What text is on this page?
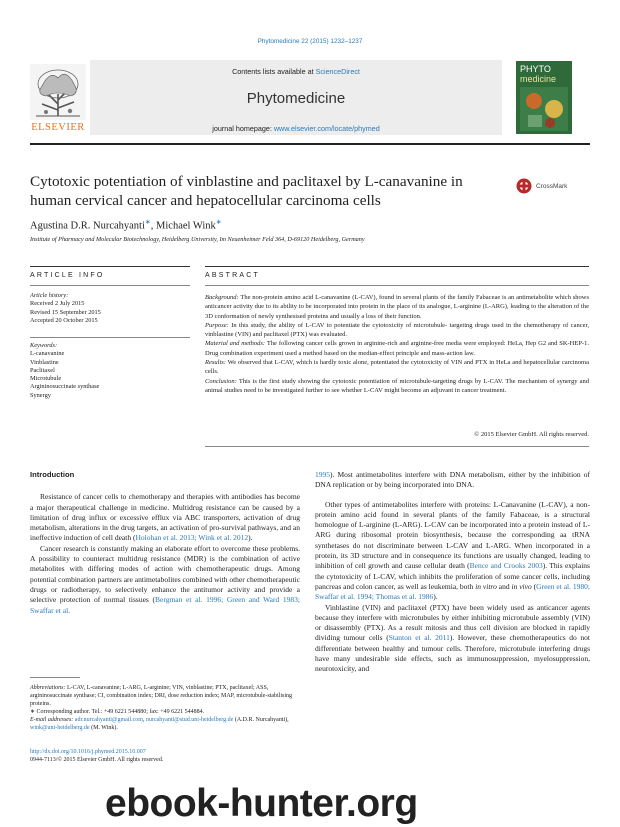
Phytomedicine 22 (2015) 1232–1237
ELSEVIER
Contents lists available at ScienceDirect
Phytomedicine
journal homepage: www.elsevier.com/locate/phymed
PHYTO
medicine
Cytotoxic potentiation of vinblastine and paclitaxel by L-canavanine in human cervical cancer and hepatocellular carcinoma cells
CrossMark
Agustina D.R. Nurcahyanti∗, Michael Wink∗
Institute of Pharmacy and Molecular Biotechnology, Heidelberg University, Im Neuenheimer Feld 364, D-69120 Heidelberg, Germany
ARTICLE INFO
Article history:
Received 2 July 2015
Revised 15 September 2015
Accepted 20 October 2015
Keywords:
L-canavanine
Vinblastine
Paclitaxel
Microtubule
Argininosuccinate synthase
Synergy
ABSTRACT

Background: The non-protein amino acid L-canavanine (L-CAV), found in several plants of the family Fabaceae is an antimetabolite which shows anticancer activity due to its ability to be incorporated into protein in the place of its analogue, L-arginine (L-ARG), leading to the alteration of the 3D conformation of newly synthesised proteins and usually a loss of their function.

Purpose: In this study, the ability of L-CAV to potentiate the cytotoxicity of microtubule- targeting drugs used in the chemotherapy of cancer, vinblastine (VIN) and paclitaxel (PTX) was evaluated.

Material and methods: The following cancer cells grown in arginine-rich and arginine-free media were employed: HeLa, Hep G2 and SK-HEP-1. Drug combination experiment used a method based on the median-effect principle and mass-action law.

Results: We observed that L-CAV, which is hardly toxic alone, potentiated the cytotoxicity of VIN and PTX in HeLa and hepatocellular carcinoma cells.

Conclusion: This is the first study showing the cytotoxic potentiation of microtubule-targeting drugs by L-CAV. The mechanism of synergy and animal studies need to be investigated further to see whether L-CAV might become an adjuvant in cancer treatment.

© 2015 Elsevier GmbH. All rights reserved.
Introduction

Resistance of cancer cells to chemotherapy and therapies with antibodies has become a major therapeutical challenge in medicine. Multidrug resistance can be caused by a limitation of drug influx or excessive efflux via ABC transporters, activation of drug metabolism, alterations in the drug targets, an activation of pro-survival pathways, and an ineffective induction of cell death (Holohan et al. 2013; Wink et al. 2012).

Cancer research is constantly making an elaborate effort to overcome these problems. A possibility to counteract multidrug resistance (MDR) is the combination of active metabolites with differing modes of action with chemotherapeutic drugs. Among potential combination partners are antimetabolites combined with other chemotherapeutic drugs or radiotherapy, to selectively enhance the antitumor activity and provide a selective protection of normal tissues (Bergman et al. 1996; Green and Ward 1983; Swaffar et al.

Abbreviations: L-CAV, L-canavanine; L-ARG, L-arginine; VIN, vinblastine; PTX, paclitaxel; ASS, argininosuccinate synthase; CI, combination index; DRI, dose reduction index; MAP, microtubule-stabilising proteins.

∗ Corresponding author. Tel.: +49 6221 544880; fax: +49 6221 544884.

E-mail addresses: adr.nurcahyanti@gmail.com, nurcahyanti@stud.uni-heidelberg.de (A.D.R. Nurcahyanti), wink@uni-heidelberg.de (M. Wink).

http://dx.doi.org/10.1016/j.phymed.2015.10.007
0944-7113/© 2015 Elsevier GmbH. All rights reserved.

1995). Most antimetabolites interfere with DNA metabolism, either by the inhibition of DNA replication or by being incorporated into DNA.

Other types of antimetabolites interfere with proteins: L-Canavanine (L-CAV), a non-protein amino acid found in several plants of the family Fabaceae, is a structural homologue of L-arginine (L-ARG). L-CAV can be incorporated into a protein instead of L-ARG during ribosomal protein biosynthesis, because the corresponding aa tRNA synthetases do not discriminate between L-CAV and L-ARG. When incorporated in a protein, its 3D structure and in consequence its functions are usually changed, leading to inhibition of cell growth and cause cellular death (Bence and Crooks 2003). This explains the cytotoxicity of L-CAV, which inhibits the proliferation of some cancer cells, including pancreas and colon cancer, as well as leukemia, both in vitro and in vivo (Green et al. 1980; Swaffar et al. 1994; Thomas et al. 1986).

Vinblastine (VIN) and paclitaxel (PTX) have been widely used as anticancer agents because they interfere with microtubules by either inhibiting microtubule assembly (VIN) or disassembly (PTX). As a result mitosis and thus cell division are blocked in rapidly dividing tumour cells (Stanton et al. 2011). However, these chemotherapeutics do not differentiate between healthy and tumour cells. Therefore, microtubule interfering drugs have many undesirable side effects, such as immunosuppression, myelosuppression, neurotoxicity, and

ebook-hunter.org
